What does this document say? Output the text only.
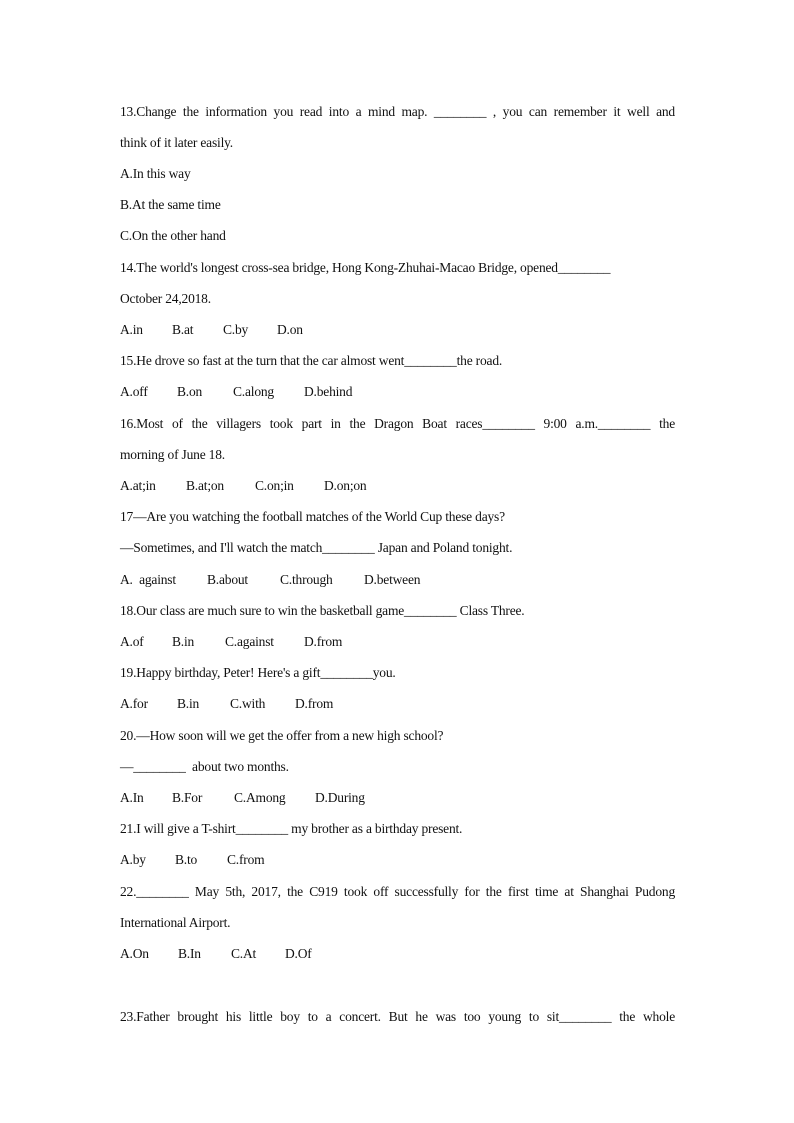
13.Change the information you read into a mind map. ________ , you can remember it well and

think of it later easily.

A.In this way

B.At the same time

C.On the other hand

14.The world's longest cross-sea bridge, Hong Kong-Zhuhai-Macao Bridge, opened________

October 24,2018.

A.in B.at C.by D.on

15.He drove so fast at the turn that the car almost went________the road.

A.off B.on C.along D.behind

16.Most of the villagers took part in the Dragon Boat races________ 9:00 a.m.________ the

morning of June 18.

A.at;in B.at;on C.on;in D.on;on

17—Are you watching the football matches of the World Cup these days?

—Sometimes, and I'll watch the match________ Japan and Poland tonight.

A.  against B.about C.through D.between

18.Our class are much sure to win the basketball game________ Class Three.

A.of B.in C.against D.from

19.Happy birthday, Peter! Here's a gift________you.

A.for B.in C.with D.from

20.—How soon will we get the offer from a new high school?

—________  about two months.

A.In B.For C.Among D.During

21.I will give a T-shirt________ my brother as a birthday present.

A.by B.to C.from

22.________ May 5th, 2017, the C919 took off successfully for the first time at Shanghai Pudong

International Airport.

A.On B.In C.At D.Of

23.Father brought his little boy to a concert. But he was too young to sit________ the whole
